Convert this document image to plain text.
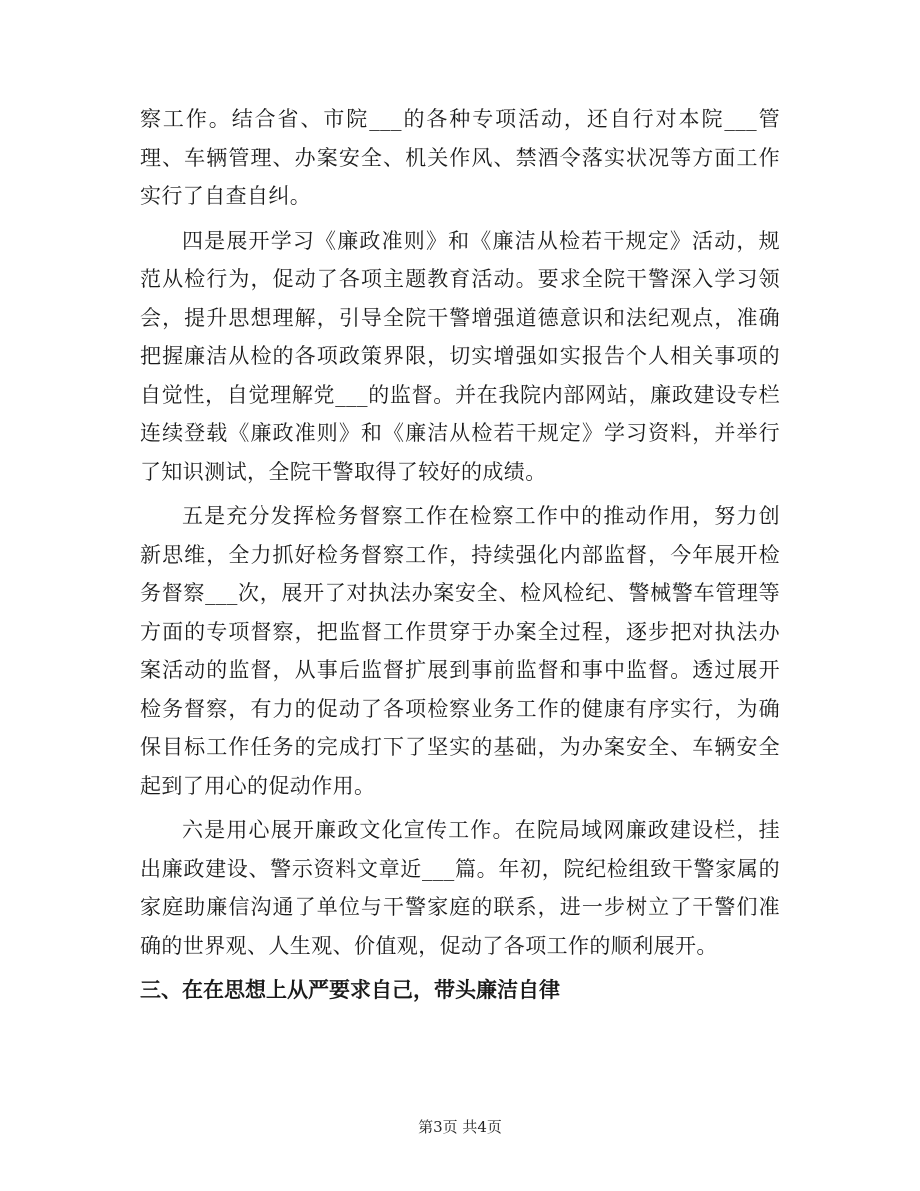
察工作。结合省、市院___的各种专项活动，还自行对本院___管理、车辆管理、办案安全、机关作风、禁酒令落实状况等方面工作实行了自查自纠。

四是展开学习《廉政准则》和《廉洁从检若干规定》活动，规范从检行为，促动了各项主题教育活动。要求全院干警深入学习领会，提升思想理解，引导全院干警增强道德意识和法纪观点，准确把握廉洁从检的各项政策界限，切实增强如实报告个人相关事项的自觉性，自觉理解党___的监督。并在我院内部网站，廉政建设专栏连续登载《廉政准则》和《廉洁从检若干规定》学习资料，并举行了知识测试，全院干警取得了较好的成绩。

五是充分发挥检务督察工作在检察工作中的推动作用，努力创新思维，全力抓好检务督察工作，持续强化内部监督，今年展开检务督察___次，展开了对执法办案安全、检风检纪、警械警车管理等方面的专项督察，把监督工作贯穿于办案全过程，逐步把对执法办案活动的监督，从事后监督扩展到事前监督和事中监督。透过展开检务督察，有力的促动了各项检察业务工作的健康有序实行，为确保目标工作任务的完成打下了坚实的基础，为办案安全、车辆安全起到了用心的促动作用。

六是用心展开廉政文化宣传工作。在院局域网廉政建设栏，挂出廉政建设、警示资料文章近___篇。年初，院纪检组致干警家属的家庭助廉信沟通了单位与干警家庭的联系，进一步树立了干警们准确的世界观、人生观、价值观，促动了各项工作的顺利展开。

三、在在思想上从严要求自己，带头廉洁自律

第3页 共4页
